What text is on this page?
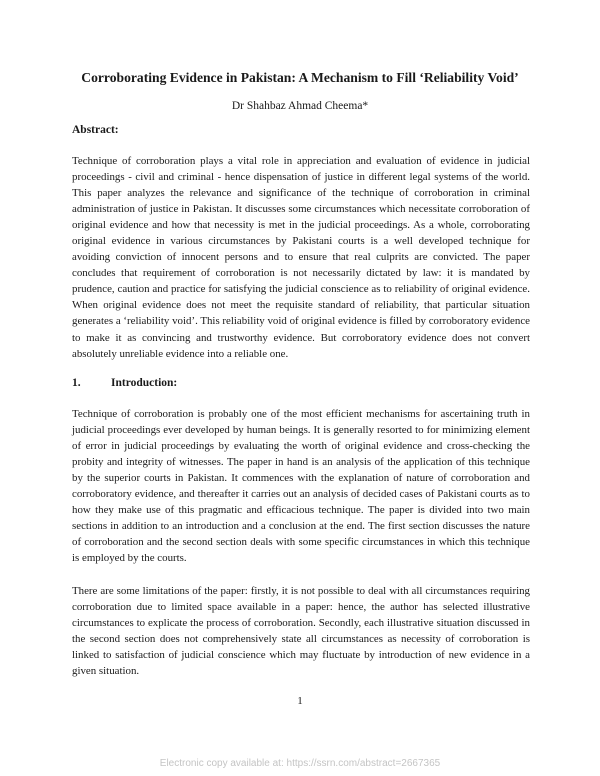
Corroborating Evidence in Pakistan: A Mechanism to Fill ‘Reliability Void’
Dr Shahbaz Ahmad Cheema*
Abstract:

Technique of corroboration plays a vital role in appreciation and evaluation of evidence in judicial proceedings - civil and criminal - hence dispensation of justice in different legal systems of the world. This paper analyzes the relevance and significance of the technique of corroboration in criminal administration of justice in Pakistan. It discusses some circumstances which necessitate corroboration of original evidence and how that necessity is met in the judicial proceedings. As a whole, corroborating original evidence in various circumstances by Pakistani courts is a well developed technique for avoiding conviction of innocent persons and to ensure that real culprits are convicted. The paper concludes that requirement of corroboration is not necessarily dictated by law: it is mandated by prudence, caution and practice for satisfying the judicial conscience as to reliability of original evidence. When original evidence does not meet the requisite standard of reliability, that particular situation generates a ‘reliability void’. This reliability void of original evidence is filled by corroboratory evidence to make it as convincing and trustworthy evidence. But corroboratory evidence does not convert absolutely unreliable evidence into a reliable one.

1.	Introduction:

Technique of corroboration is probably one of the most efficient mechanisms for ascertaining truth in judicial proceedings ever developed by human beings. It is generally resorted to for minimizing element of error in judicial proceedings by evaluating the worth of original evidence and cross-checking the probity and integrity of witnesses. The paper in hand is an analysis of the application of this technique by the superior courts in Pakistan. It commences with the explanation of nature of corroboration and corroboratory evidence, and thereafter it carries out an analysis of decided cases of Pakistani courts as to how they make use of this pragmatic and efficacious technique. The paper is divided into two main sections in addition to an introduction and a conclusion at the end. The first section discusses the nature of corroboration and the second section deals with some specific circumstances in which this technique is employed by the courts.

There are some limitations of the paper: firstly, it is not possible to deal with all circumstances requiring corroboration due to limited space available in a paper: hence, the author has selected illustrative circumstances to explicate the process of corroboration. Secondly, each illustrative situation discussed in the second section does not comprehensively state all circumstances as necessity of corroboration is linked to satisfaction of judicial conscience which may fluctuate by introduction of new evidence in a given situation.

1
Electronic copy available at: https://ssrn.com/abstract=2667365
